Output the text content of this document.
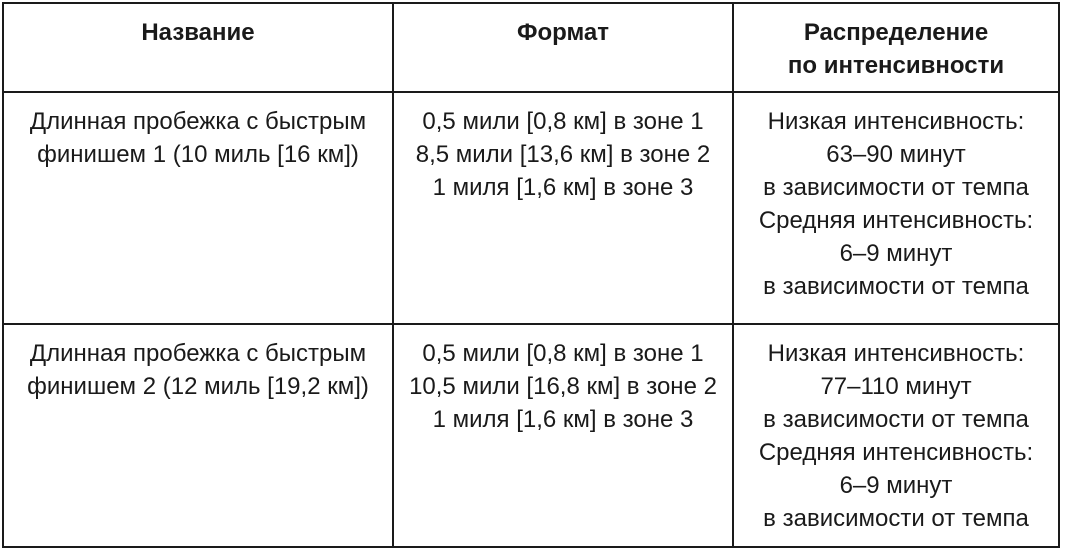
Название	Формат	Распределение
по интенсивности
Длинная пробежка с быстрым
финишем 1 (10 миль [16 км])
0,5 мили [0,8 км] в зоне 1
8,5 мили [13,6 км] в зоне 2
1 миля [1,6 км] в зоне 3
Низкая интенсивность:
63–90 минут
в зависимости от темпа
Средняя интенсивность:
6–9 минут
в зависимости от темпа
Длинная пробежка с быстрым
финишем 2 (12 миль [19,2 км])
0,5 мили [0,8 км] в зоне 1
10,5 мили [16,8 км] в зоне 2
1 миля [1,6 км] в зоне 3
Низкая интенсивность:
77–110 минут
в зависимости от темпа
Средняя интенсивность:
6–9 минут
в зависимости от темпа
